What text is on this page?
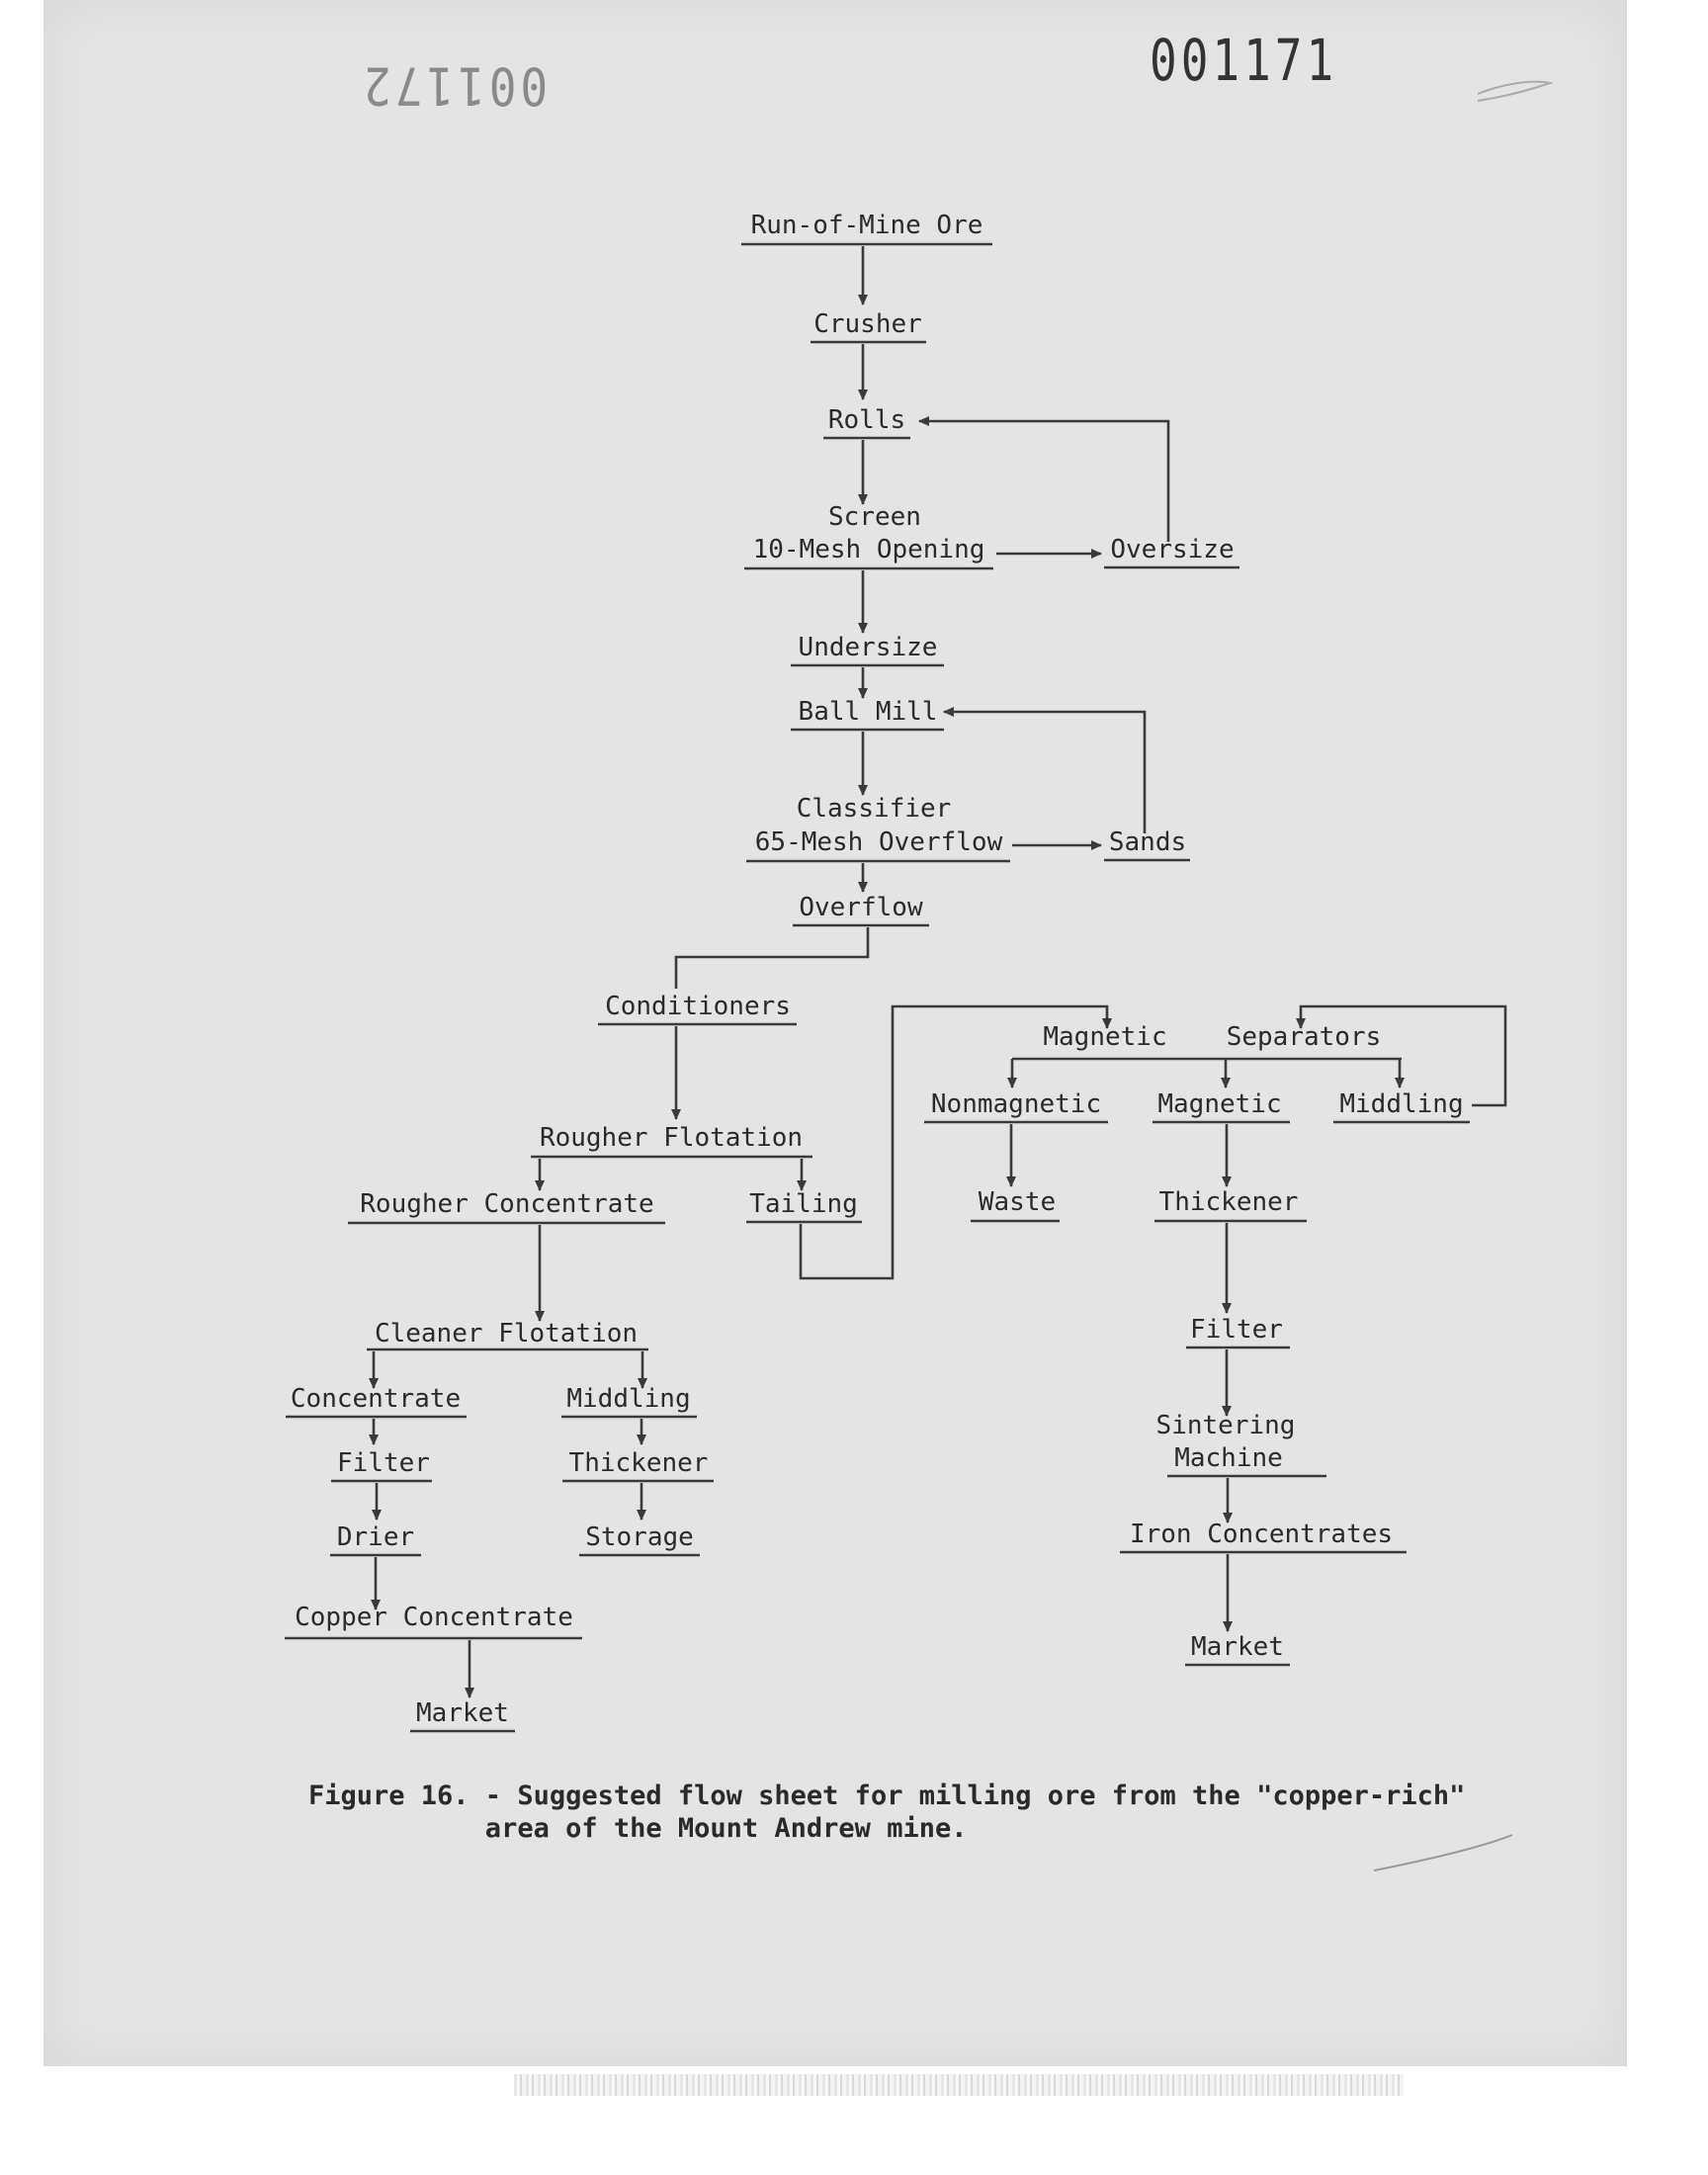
001171
001172
Run-of-Mine Ore
Crusher
Rolls
Screen
10-Mesh Opening	Oversize
Undersize
Ball Mill
Classifier
65-Mesh Overflow	Sands
Overflow
Conditioners
Rougher Flotation
Rougher Concentrate	Tailing
Cleaner Flotation
Concentrate	Middling
Filter	Thickener
Drier	Storage
Copper Concentrate
Market
Magnetic Separators
Nonmagnetic Magnetic Middling
Waste	Thickener
Filter
Sintering
Machine
Iron Concentrates
Market
Figure 16. - Suggested flow sheet for milling ore from the "copper-rich"
area of the Mount Andrew mine.
